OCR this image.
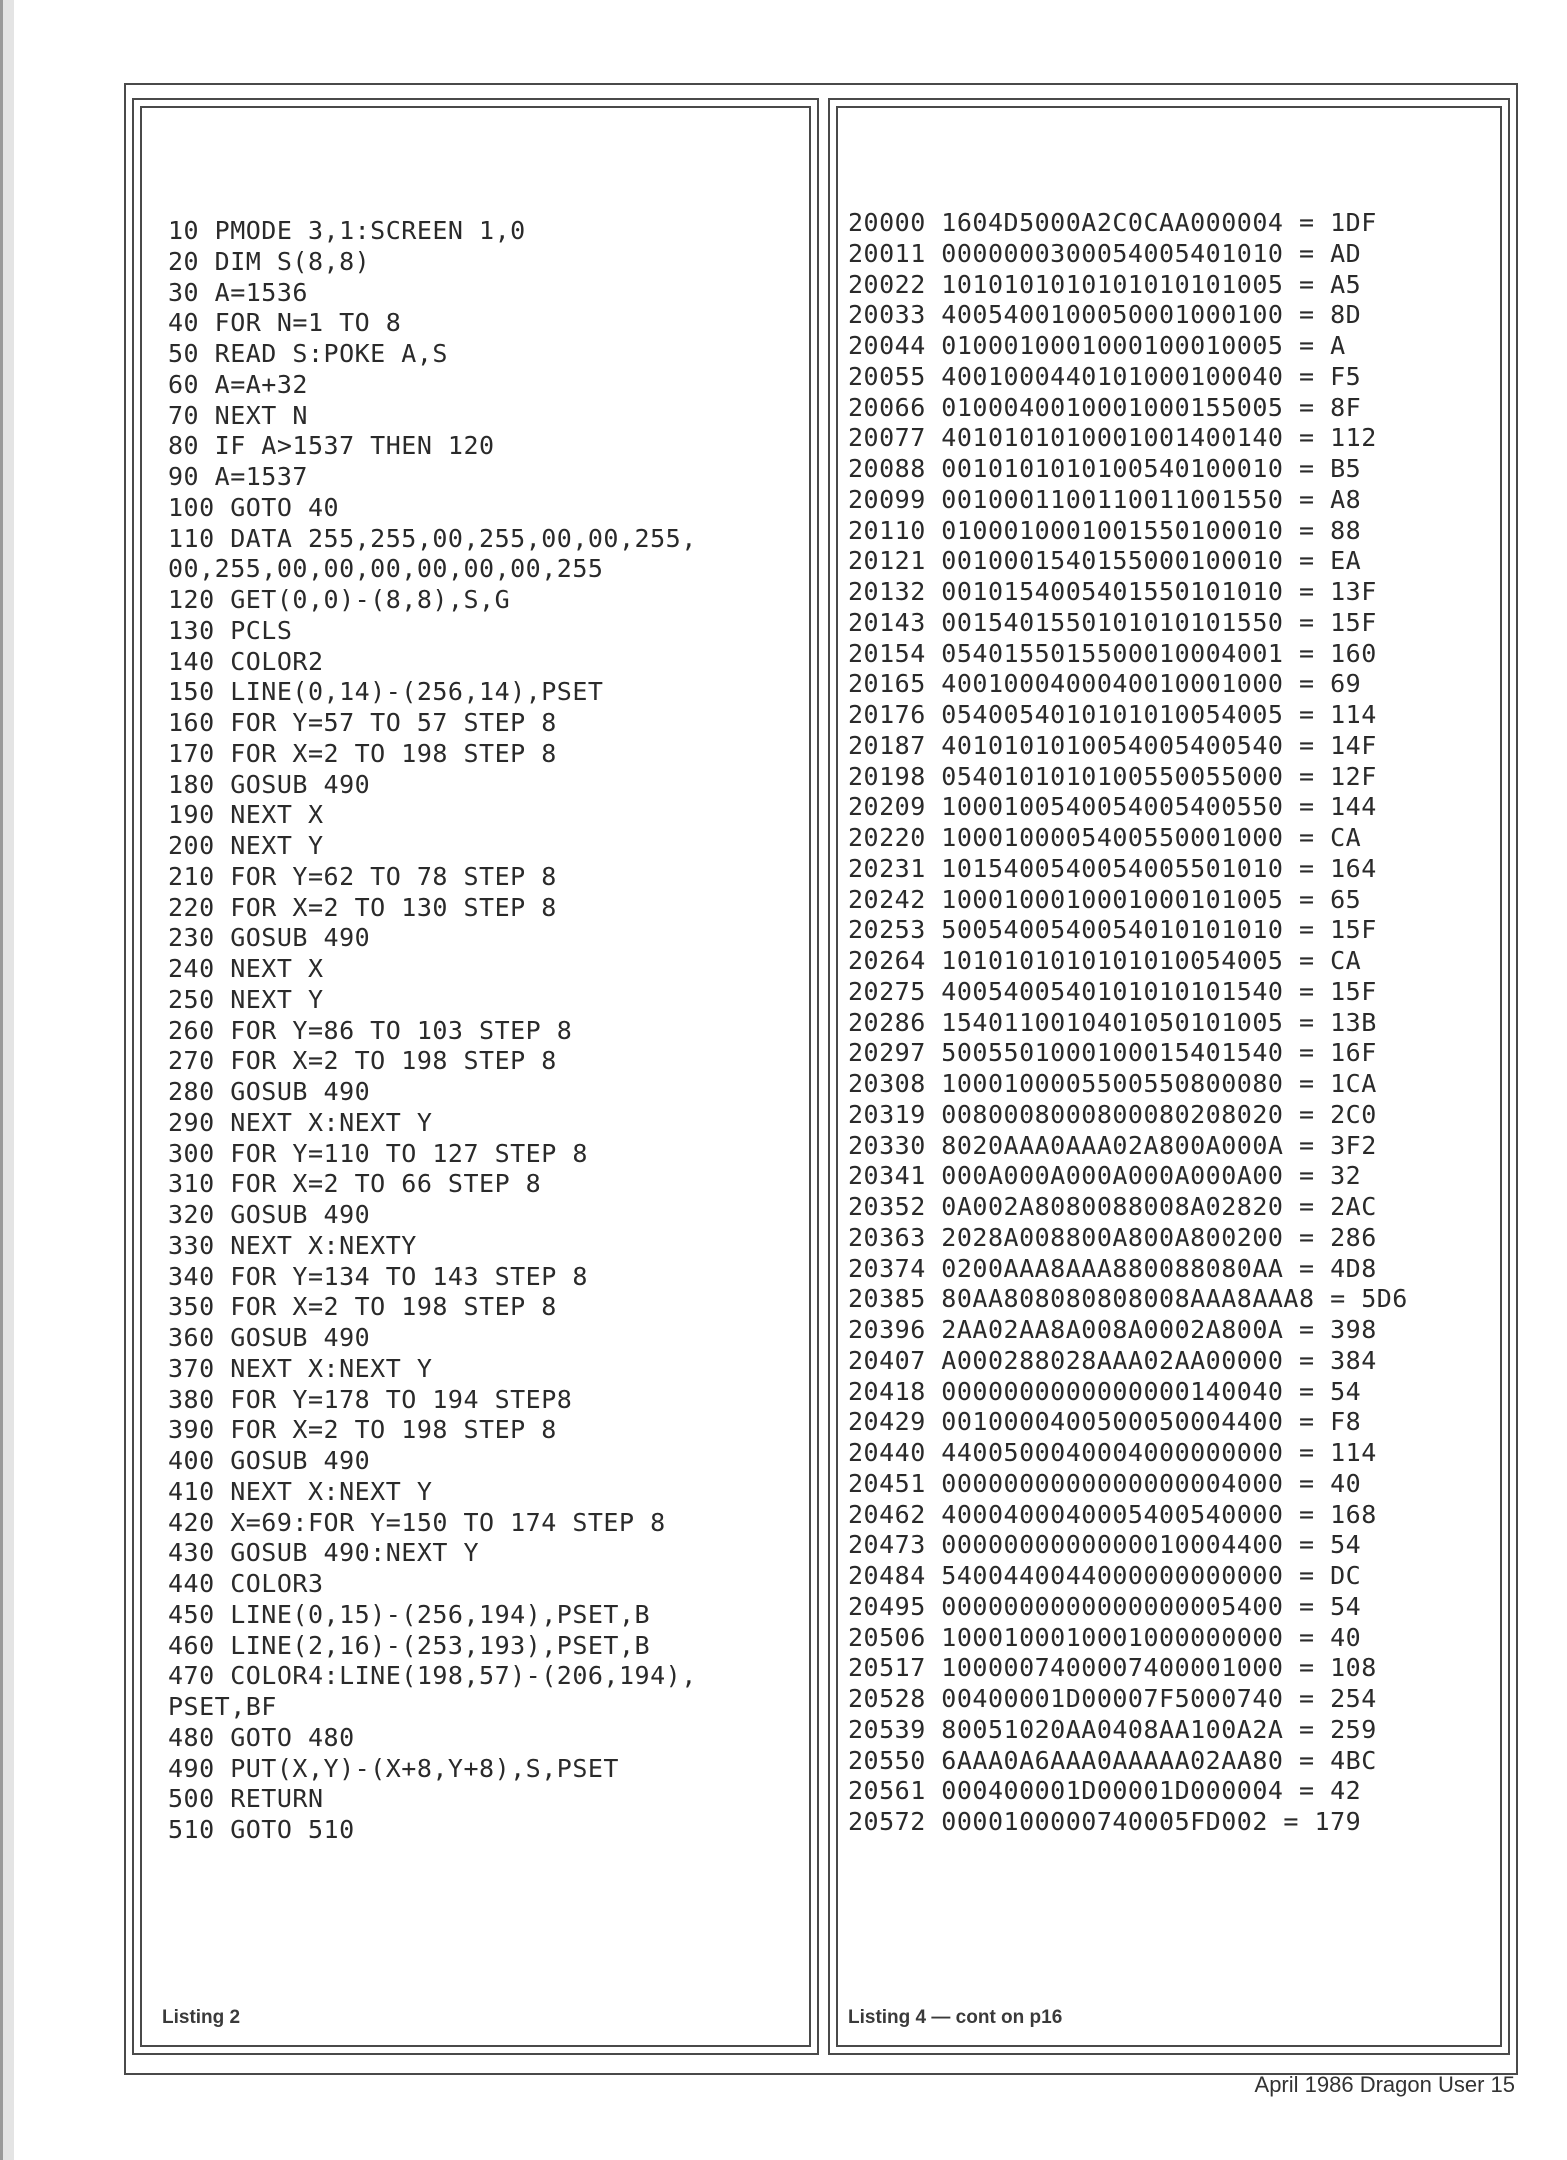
10 PMODE 3,1:SCREEN 1,0
20 DIM S(8,8)
30 A=1536
40 FOR N=1 TO 8
50 READ S:POKE A,S
60 A=A+32
70 NEXT N
80 IF A>1537 THEN 120
90 A=1537
100 GOTO 40
110 DATA 255,255,00,255,00,00,255,
00,255,00,00,00,00,00,00,255
120 GET(0,0)-(8,8),S,G
130 PCLS
140 COLOR2
150 LINE(0,14)-(256,14),PSET
160 FOR Y=57 TO 57 STEP 8
170 FOR X=2 TO 198 STEP 8
180 GOSUB 490
190 NEXT X
200 NEXT Y
210 FOR Y=62 TO 78 STEP 8
220 FOR X=2 TO 130 STEP 8
230 GOSUB 490
240 NEXT X
250 NEXT Y
260 FOR Y=86 TO 103 STEP 8
270 FOR X=2 TO 198 STEP 8
280 GOSUB 490
290 NEXT X:NEXT Y
300 FOR Y=110 TO 127 STEP 8
310 FOR X=2 TO 66 STEP 8
320 GOSUB 490
330 NEXT X:NEXTY
340 FOR Y=134 TO 143 STEP 8
350 FOR X=2 TO 198 STEP 8
360 GOSUB 490
370 NEXT X:NEXT Y
380 FOR Y=178 TO 194 STEP8
390 FOR X=2 TO 198 STEP 8
400 GOSUB 490
410 NEXT X:NEXT Y
420 X=69:FOR Y=150 TO 174 STEP 8
430 GOSUB 490:NEXT Y
440 COLOR3
450 LINE(0,15)-(256,194),PSET,B
460 LINE(2,16)-(253,193),PSET,B
470 COLOR4:LINE(198,57)-(206,194),
PSET,BF
480 GOTO 480
490 PUT(X,Y)-(X+8,Y+8),S,PSET
500 RETURN
510 GOTO 510
Listing 2
20000 1604D5000A2C0CAA000004 = 1DF
20011 0000000300054005401010 = AD
20022 1010101010101010101005 = A5
20033 4005400100050001000100 = 8D
20044 0100010001000100010005 = A
20055 4001000440101000100040 = F5
20066 0100040010001000155005 = 8F
20077 4010101010001001400140 = 112
20088 0010101010100540100010 = B5
20099 0010001100110011001550 = A8
20110 0100010001001550100010 = 88
20121 0010001540155000100010 = EA
20132 0010154005401550101010 = 13F
20143 0015401550101010101550 = 15F
20154 0540155015500010004001 = 160
20165 4001000400040010001000 = 69
20176 0540054010101010054005 = 114
20187 4010101010054005400540 = 14F
20198 0540101010100550055000 = 12F
20209 1000100540054005400550 = 144
20220 1000100005400550001000 = CA
20231 1015400540054005501010 = 164
20242 1000100010001000101005 = 65
20253 5005400540054010101010 = 15F
20264 1010101010101010054005 = CA
20275 4005400540101010101540 = 15F
20286 1540110010401050101005 = 13B
20297 5005501000100015401540 = 16F
20308 1000100005500550800080 = 1CA
20319 0080008000800080208020 = 2C0
20330 8020AAA0AAA02A800A000A = 3F2
20341 000A000A000A000A000A00 = 32
20352 0A002A8080088008A02820 = 2AC
20363 2028A008800A800A800200 = 286
20374 0200AAA8AAA880088080AA = 4D8
20385 80AA808080808008AAA8AAA8 = 5D6
20396 2AA02AA8A008A0002A800A = 398
20407 A000288028AAA02AA00000 = 384
20418 0000000000000000140040 = 54
20429 0010000400500050004400 = F8
20440 4400500040004000000000 = 114
20451 0000000000000000004000 = 40
20462 4000400040005400540000 = 168
20473 0000000000000010004400 = 54
20484 5400440044000000000000 = DC
20495 0000000000000000005400 = 54
20506 1000100010001000000000 = 40
20517 1000007400007400001000 = 108
20528 00400001D00007F5000740 = 254
20539 80051020AA0408AA100A2A = 259
20550 6AAA0A6AAA0AAAAA02AA80 = 4BC
20561 000400001D00001D000004 = 42
20572 0000100000740005FD002 = 179
Listing 4 — cont on p16
April 1986 Dragon User 15
